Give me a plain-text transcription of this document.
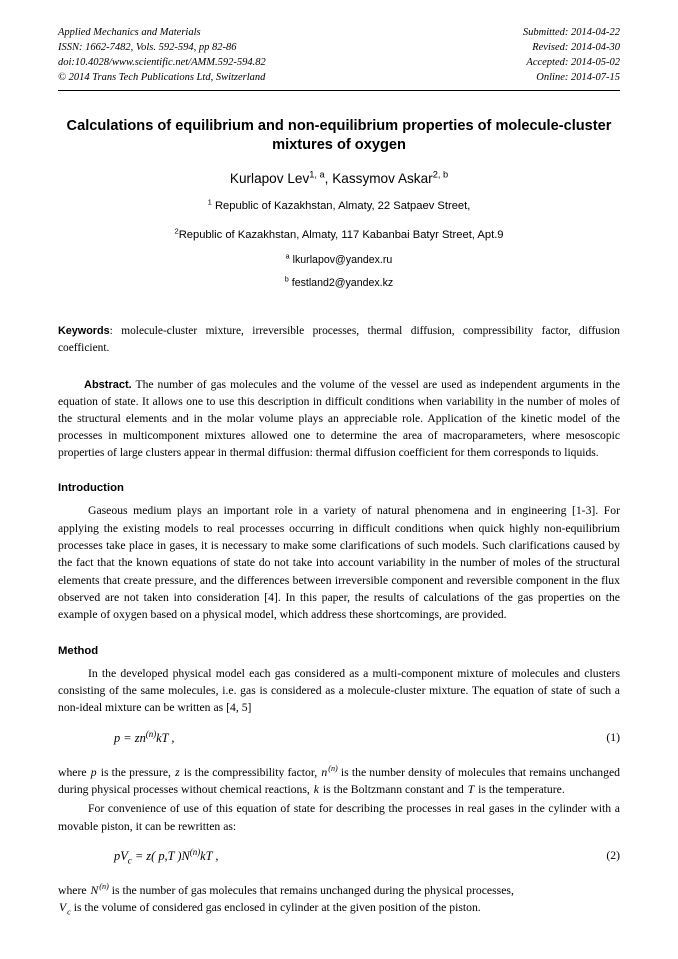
Applied Mechanics and Materials
ISSN: 1662-7482, Vols. 592-594, pp 82-86
doi:10.4028/www.scientific.net/AMM.592-594.82
© 2014 Trans Tech Publications Ltd, Switzerland
Submitted: 2014-04-22
Revised: 2014-04-30
Accepted: 2014-05-02
Online: 2014-07-15
Calculations of equilibrium and non-equilibrium properties of molecule-cluster mixtures of oxygen
Kurlapov Lev$^{1, a}$, Kassymov Askar$^{2, b}$
$^1$ Republic of Kazakhstan, Almaty, 22 Satpaev Street,
$^2$Republic of Kazakhstan, Almaty, 117 Kabanbai Batyr Street, Apt.9
$^a$ lkurlapov@yandex.ru
$^b$ festland2@yandex.kz
Keywords: molecule-cluster mixture, irreversible processes, thermal diffusion, compressibility factor, diffusion coefficient.
Abstract. The number of gas molecules and the volume of the vessel are used as independent arguments in the equation of state. It allows one to use this description in difficult conditions when variability in the number of moles of the structural elements and in the molar volume plays an appreciable role. Application of the kinetic model of the processes in multicomponent mixtures allowed one to determine the area of macroparameters, where mesoscopic properties of large clusters appear in thermal diffusion: thermal diffusion coefficient for them corresponds to liquids.
Introduction

Gaseous medium plays an important role in a variety of natural phenomena and in engineering [1-3]. For applying the existing models to real processes occurring in difficult conditions when quick highly non-equilibrium processes take place in gases, it is necessary to make some clarifications of such models. Such clarifications caused by the fact that the known equations of state do not take into account variability in the number of moles of the structural elements that create pressure, and the differences between irreversible component and reversible component in the flux observed are not taken into consideration [4]. In this paper, the results of calculations of the gas properties on the example of oxygen based on a physical model, which address these shortcomings, are provided.

Method

In the developed physical model each gas considered as a multi-component mixture of molecules and clusters consisting of the same molecules, i.e. gas is considered as a molecule-cluster mixture. The equation of state of such a non-ideal mixture can be written as [4, 5]

$p = zn^{(n)}kT$ ,	(1)

where p is the pressure, z is the compressibility factor, $n^{(n)}$ is the number density of molecules that remains unchanged during physical processes without chemical reactions, k is the Boltzmann constant and T is the temperature.

For convenience of use of this equation of state for describing the processes in real gases in the cylinder with a movable piston, it can be rewritten as:

$pV_c = z$( p,T )$N^{(n)}kT$ ,	(2)

where $N^{(n)}$ is the number of gas molecules that remains unchanged during the physical processes,
$V_c$ is the volume of considered gas enclosed in cylinder at the given position of the piston.
